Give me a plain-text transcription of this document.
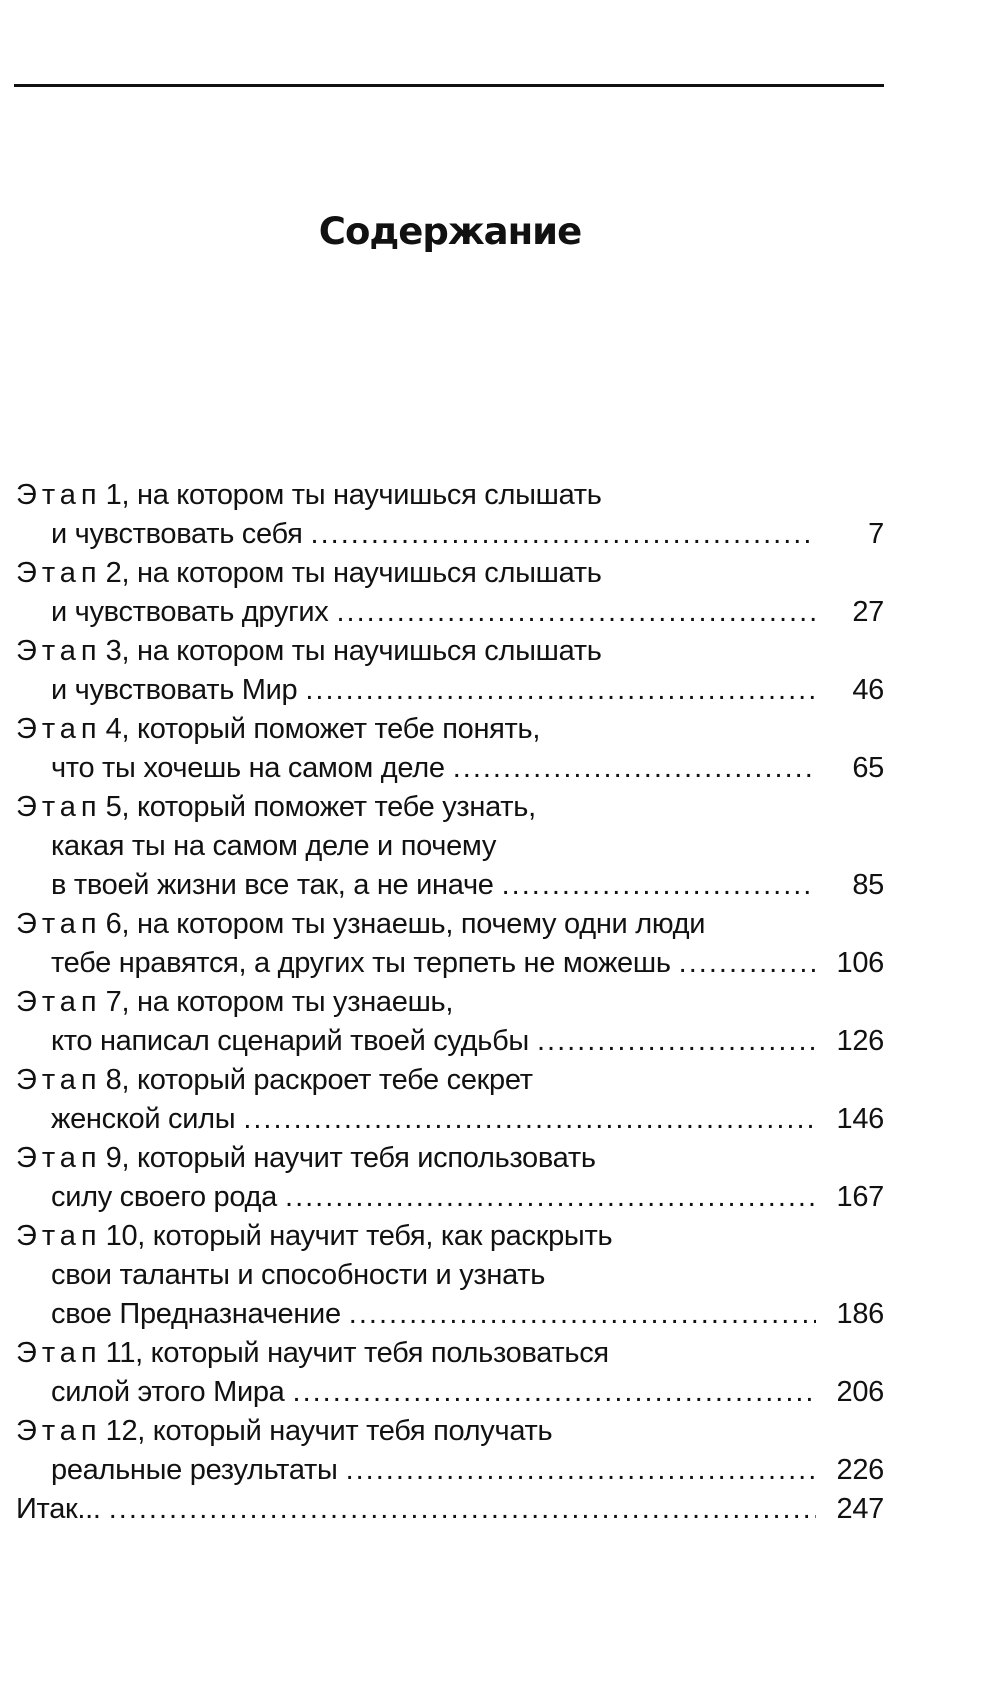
Содержание
Этап 1, на котором ты научишься слышать
и чувствовать себя .....	7
Этап 2, на котором ты научишься слышать
и чувствовать других .....	27
Этап 3, на котором ты научишься слышать
и чувствовать Мир .....	46
Этап 4, который поможет тебе понять,
что ты хочешь на самом деле .....	65
Этап 5, который поможет тебе узнать,
какая ты на самом деле и почему
в твоей жизни все так, а не иначе .....	85
Этап 6, на котором ты узнаешь, почему одни люди
тебе нравятся, а других ты терпеть не можешь .....	106
Этап 7, на котором ты узнаешь,
кто написал сценарий твоей судьбы .....	126
Этап 8, который раскроет тебе секрет
женской силы .....	146
Этап 9, который научит тебя использовать
силу своего рода .....	167
Этап 10, который научит тебя, как раскрыть
свои таланты и способности и узнать
свое Предназначение .....	186
Этап 11, который научит тебя пользоваться
силой этого Мира .....	206
Этап 12, который научит тебя получать
реальные результаты .....	226
Итак... .....	247
